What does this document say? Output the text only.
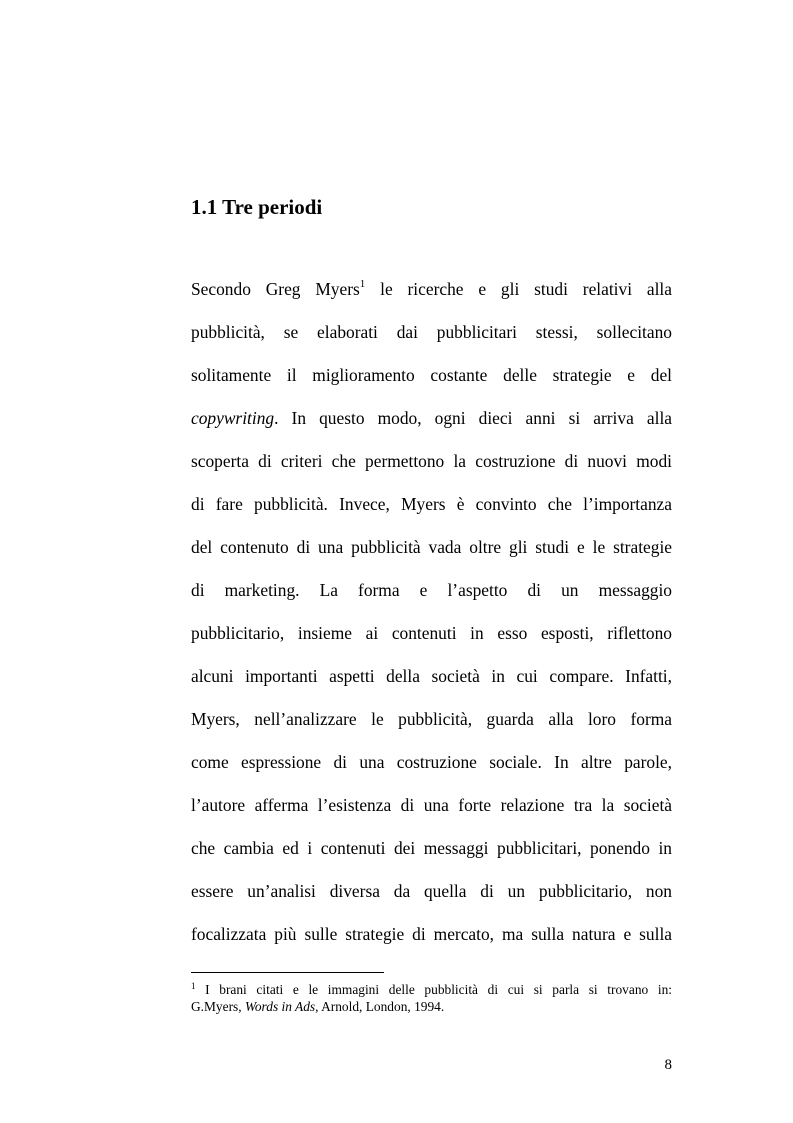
1.1 Tre periodi
Secondo Greg Myers$^1$ le ricerche e gli studi relativi alla
pubblicità, se elaborati dai pubblicitari stessi, sollecitano
solitamente il miglioramento costante delle strategie e del
copywriting. In questo modo, ogni dieci anni si arriva alla
scoperta di criteri che permettono la costruzione di nuovi modi
di fare pubblicità. Invece, Myers è convinto che l’importanza
del contenuto di una pubblicità vada oltre gli studi e le strategie
di marketing. La forma e l’aspetto di un messaggio
pubblicitario, insieme ai contenuti in esso esposti, riflettono
alcuni importanti aspetti della società in cui compare. Infatti,
Myers, nell’analizzare le pubblicità, guarda alla loro forma
come espressione di una costruzione sociale. In altre parole,
l’autore afferma l’esistenza di una forte relazione tra la società
che cambia ed i contenuti dei messaggi pubblicitari, ponendo in
essere un’analisi diversa da quella di un pubblicitario, non
focalizzata più sulle strategie di mercato, ma sulla natura e sulla
$^1$ I brani citati e le immagini delle pubblicità di cui si parla si trovano in:
G.Myers, Words in Ads, Arnold, London, 1994.
8
